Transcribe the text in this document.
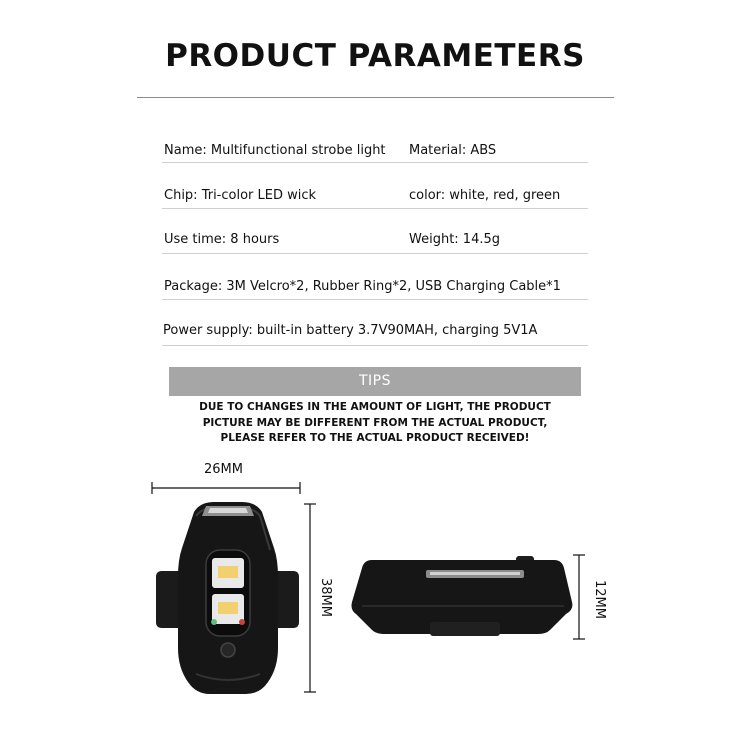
PRODUCT PARAMETERS
Name: Multifunctional strobe light Material: ABS
Chip: Tri-color LED wick	color: white, red, green
Use time: 8 hours	Weight: 14.5g
Package: 3M Velcro*2, Rubber Ring*2, USB Charging Cable*1
Power supply: built-in battery 3.7V90MAH, charging 5V1A
TIPS
DUE TO CHANGES IN THE AMOUNT OF LIGHT, THE PRODUCT
PICTURE MAY BE DIFFERENT FROM THE ACTUAL PRODUCT,
PLEASE REFER TO THE ACTUAL PRODUCT RECEIVED!
26MM
38MM	12MM
